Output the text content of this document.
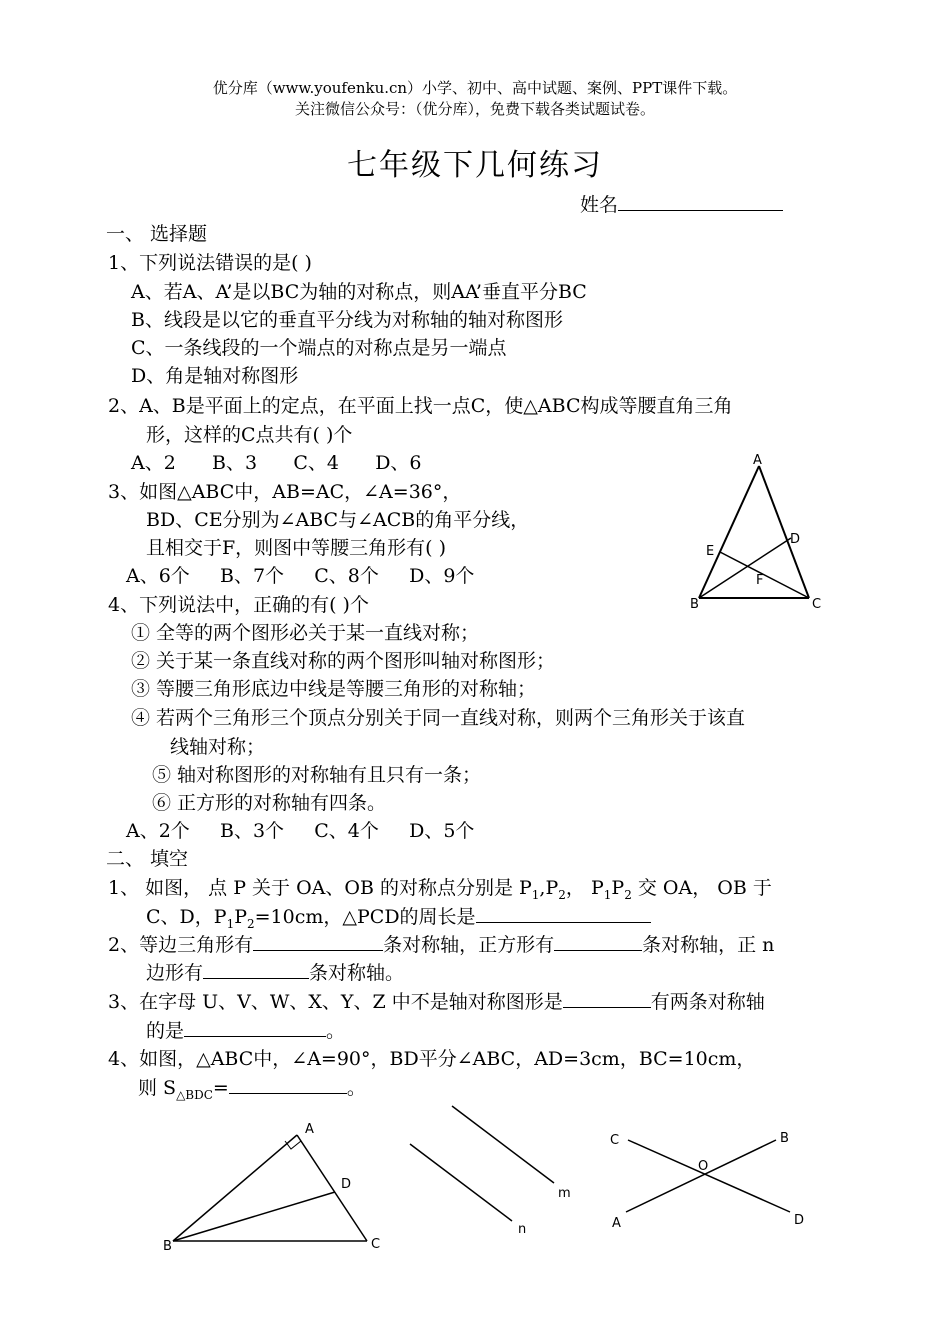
优分库（www.youfenku.cn）小学、初中、高中试题、案例、PPT课件下载。
关注微信公众号：（优分库），免费下载各类试题试卷。
七年级下几何练习
姓名
一、 选择题
1、下列说法错误的是( )
A、若A、A’是以BC为轴的对称点，则AA’垂直平分BC
B、线段是以它的垂直平分线为对称轴的轴对称图形
C、一条线段的一个端点的对称点是另一端点
D、角是轴对称图形
2、A、B是平面上的定点，在平面上找一点C，使△ABC构成等腰直角三角
形，这样的C点共有( )个
A、2      B、3      C、4      D、6
3、如图△ABC中，AB=AC，∠A=36°，
BD、CE分别为∠ABC与∠ACB的角平分线，
且相交于F，则图中等腰三角形有( )
A、6个     B、7个     C、8个     D、9个
A
D
E
F
B	C
4、下列说法中，正确的有( )个
① 全等的两个图形必关于某一直线对称；
② 关于某一条直线对称的两个图形叫轴对称图形；
③ 等腰三角形底边中线是等腰三角形的对称轴；
④ 若两个三角形三个顶点分别关于同一直线对称，则两个三角形关于该直
线轴对称；
⑤ 轴对称图形的对称轴有且只有一条；
⑥ 正方形的对称轴有四条。
A、2个     B、3个     C、4个     D、5个
二、 填空
1、 如图， 点 P 关于 OA、OB 的对称点分别是 $P_1,P_2$， $P_1P_2$ 交 OA， OB 于
C、D，$P_1P_2=10cm$，△PCD的周长是
2、等边三角形有	条对称轴，正方形有	条对称轴，正 n
边形有	条对称轴。
3、在字母 U、V、W、X、Y、Z 中不是轴对称图形是	有两条对称轴
的是	。
4、如图，△ABC中，∠A=90°，BD平分∠ABC，AD=3cm，BC=10cm，
则 $S_{\triangle BDC}=$	。
A
D
B	C
m
n
C	B
O
A	D
